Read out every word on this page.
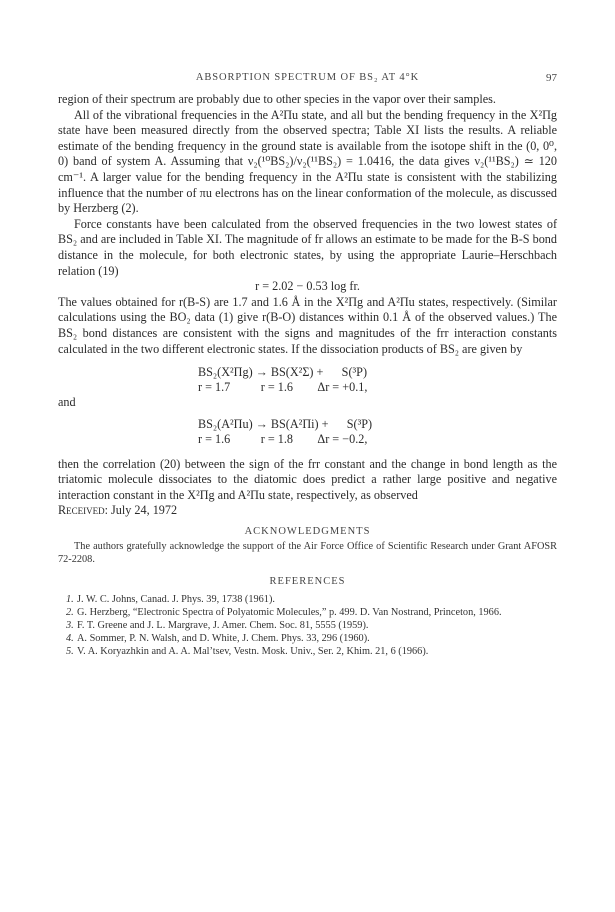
ABSORPTION SPECTRUM OF BS₂ AT 4°K	97

region of their spectrum are probably due to other species in the vapor over their samples.

All of the vibrational frequencies in the A²Πu state, and all but the bending frequency in the X²Πg state have been measured directly from the observed spectra; Table XI lists the results. A reliable estimate of the bending frequency in the ground state is available from the isotope shift in the (0, 0⁰, 0) band of system A. Assuming that ν₂(¹⁰BS₂)/ν₂(¹¹BS₂) = 1.0416, the data gives ν₂(¹¹BS₂) ≃ 120 cm⁻¹. A larger value for the bending frequency in the A²Πu state is consistent with the stabilizing influence that the number of πu electrons has on the linear conformation of the molecule, as discussed by Herzberg (2).

Force constants have been calculated from the observed frequencies in the two lowest states of BS₂ and are included in Table XI. The magnitude of fr allows an estimate to be made for the B-S bond distance in the molecule, for both electronic states, by using the appropriate Laurie–Herschbach relation (19)

r = 2.02 − 0.53 log fr.

The values obtained for r(B-S) are 1.7 and 1.6 Å in the X²Πg and A²Πu states, respectively. (Similar calculations using the BO₂ data (1) give r(B-O) distances within 0.1 Å of the observed values.) The BS₂ bond distances are consistent with the signs and magnitudes of the frr interaction constants calculated in the two different electronic states. If the dissociation products of BS₂ are given by

BS₂(X²Πg) → BS(X²Σ) +      S(³P)
r = 1.7          r = 1.6        Δr = +0.1,

and

BS₂(A²Πu) → BS(A²Πi) +      S(³P)
r = 1.6          r = 1.8        Δr = −0.2,

then the correlation (20) between the sign of the frr constant and the change in bond length as the triatomic molecule dissociates to the diatomic does predict a rather large positive and negative interaction constant in the X²Πg and A²Πu state, respectively, as observed

Received: July 24, 1972

ACKNOWLEDGMENTS

The authors gratefully acknowledge the support of the Air Force Office of Scientific Research under Grant AFOSR 72-2208.

REFERENCES
1. J. W. C. Johns, Canad. J. Phys. 39, 1738 (1961).
2. G. Herzberg, “Electronic Spectra of Polyatomic Molecules,” p. 499. D. Van Nostrand, Princeton, 1966.
3. F. T. Greene and J. L. Margrave, J. Amer. Chem. Soc. 81, 5555 (1959).
4. A. Sommer, P. N. Walsh, and D. White, J. Chem. Phys. 33, 296 (1960).
5. V. A. Koryazhkin and A. A. Mal’tsev, Vestn. Mosk. Univ., Ser. 2, Khim. 21, 6 (1966).
